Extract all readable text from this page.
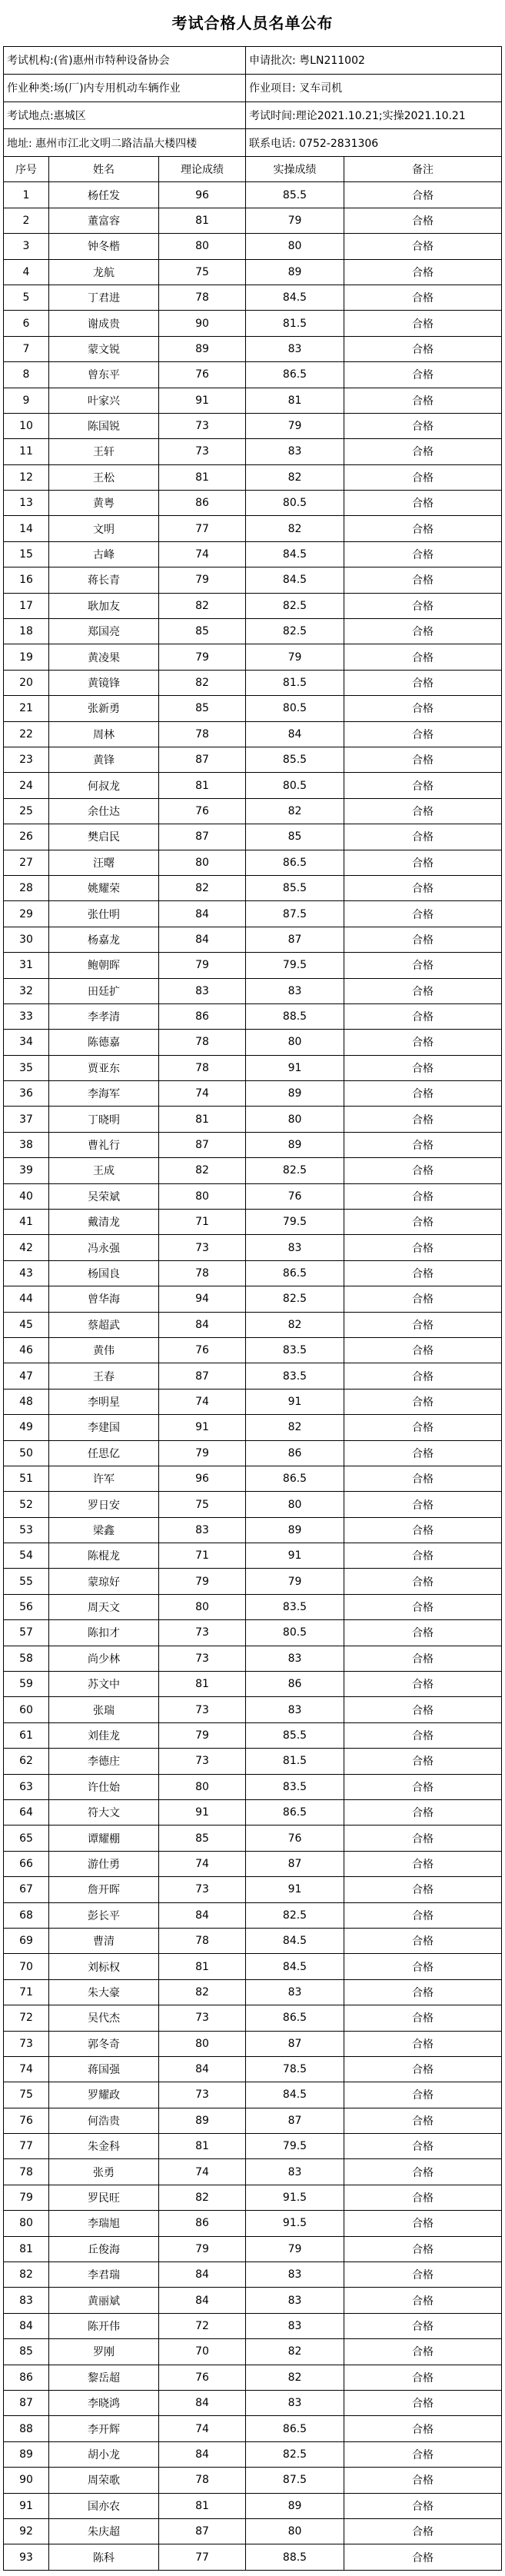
考试合格人员名单公布
考试机构:(省)惠州市特种设备协会	申请批次: 粤LN211002
作业种类:场(厂)内专用机动车辆作业	作业项目: 叉车司机
考试地点:惠城区	考试时间:理论2021.10.21;实操2021.10.21
地址: 惠州市江北文明二路洁晶大楼四楼	联系电话: 0752-2831306
序号	姓名	理论成绩	实操成绩	备注
1	杨任发	96	85.5	合格
2	董富容	81	79	合格
3	钟冬楷	80	80	合格
4	龙航	75	89	合格
5	丁君进	78	84.5	合格
6	谢成贵	90	81.5	合格
7	蒙文锐	89	83	合格
8	曾东平	76	86.5	合格
9	叶家兴	91	81	合格
10	陈国锐	73	79	合格
11	王轩	73	83	合格
12	王松	81	82	合格
13	黄粤	86	80.5	合格
14	文明	77	82	合格
15	古峰	74	84.5	合格
16	蒋长青	79	84.5	合格
17	耿加友	82	82.5	合格
18	郑国亮	85	82.5	合格
19	黄凌果	79	79	合格
20	黄镜锋	82	81.5	合格
21	张新勇	85	80.5	合格
22	周林	78	84	合格
23	黄锋	87	85.5	合格
24	何叔龙	81	80.5	合格
25	余仕达	76	82	合格
26	樊启民	87	85	合格
27	汪曙	80	86.5	合格
28	姚耀荣	82	85.5	合格
29	张仕明	84	87.5	合格
30	杨嘉龙	84	87	合格
31	鲍朝晖	79	79.5	合格
32	田廷扩	83	83	合格
33	李孝清	86	88.5	合格
34	陈德嘉	78	80	合格
35	贾亚东	78	91	合格
36	李海军	74	89	合格
37	丁晓明	81	80	合格
38	曹礼行	87	89	合格
39	王成	82	82.5	合格
40	吴荣斌	80	76	合格
41	戴清龙	71	79.5	合格
42	冯永强	73	83	合格
43	杨国良	78	86.5	合格
44	曾华海	94	82.5	合格
45	蔡超武	84	82	合格
46	黄伟	76	83.5	合格
47	王春	87	83.5	合格
48	李明星	74	91	合格
49	李建国	91	82	合格
50	任思亿	79	86	合格
51	许军	96	86.5	合格
52	罗日安	75	80	合格
53	梁鑫	83	89	合格
54	陈棍龙	71	91	合格
55	蒙琼好	79	79	合格
56	周天文	80	83.5	合格
57	陈扣才	73	80.5	合格
58	尚少林	73	83	合格
59	苏文中	81	86	合格
60	张瑞	73	83	合格
61	刘佳龙	79	85.5	合格
62	李德庄	73	81.5	合格
63	许仕始	80	83.5	合格
64	符大文	91	86.5	合格
65	谭耀棚	85	76	合格
66	游仕勇	74	87	合格
67	詹开晖	73	91	合格
68	彭长平	84	82.5	合格
69	曹清	78	84.5	合格
70	刘标权	81	84.5	合格
71	朱大豪	82	83	合格
72	吴代杰	73	86.5	合格
73	郭冬奇	80	87	合格
74	蒋国强	84	78.5	合格
75	罗耀政	73	84.5	合格
76	何浩贵	89	87	合格
77	朱金科	81	79.5	合格
78	张勇	74	83	合格
79	罗民旺	82	91.5	合格
80	李瑞旭	86	91.5	合格
81	丘俊海	79	79	合格
82	李君瑞	84	83	合格
83	黄丽斌	84	83	合格
84	陈开伟	72	83	合格
85	罗刚	70	82	合格
86	黎岳超	76	82	合格
87	李晓鸿	84	83	合格
88	李开辉	74	86.5	合格
89	胡小龙	84	82.5	合格
90	周荣歌	78	87.5	合格
91	国亦农	81	89	合格
92	朱庆超	87	80	合格
93	陈科	77	88.5	合格
